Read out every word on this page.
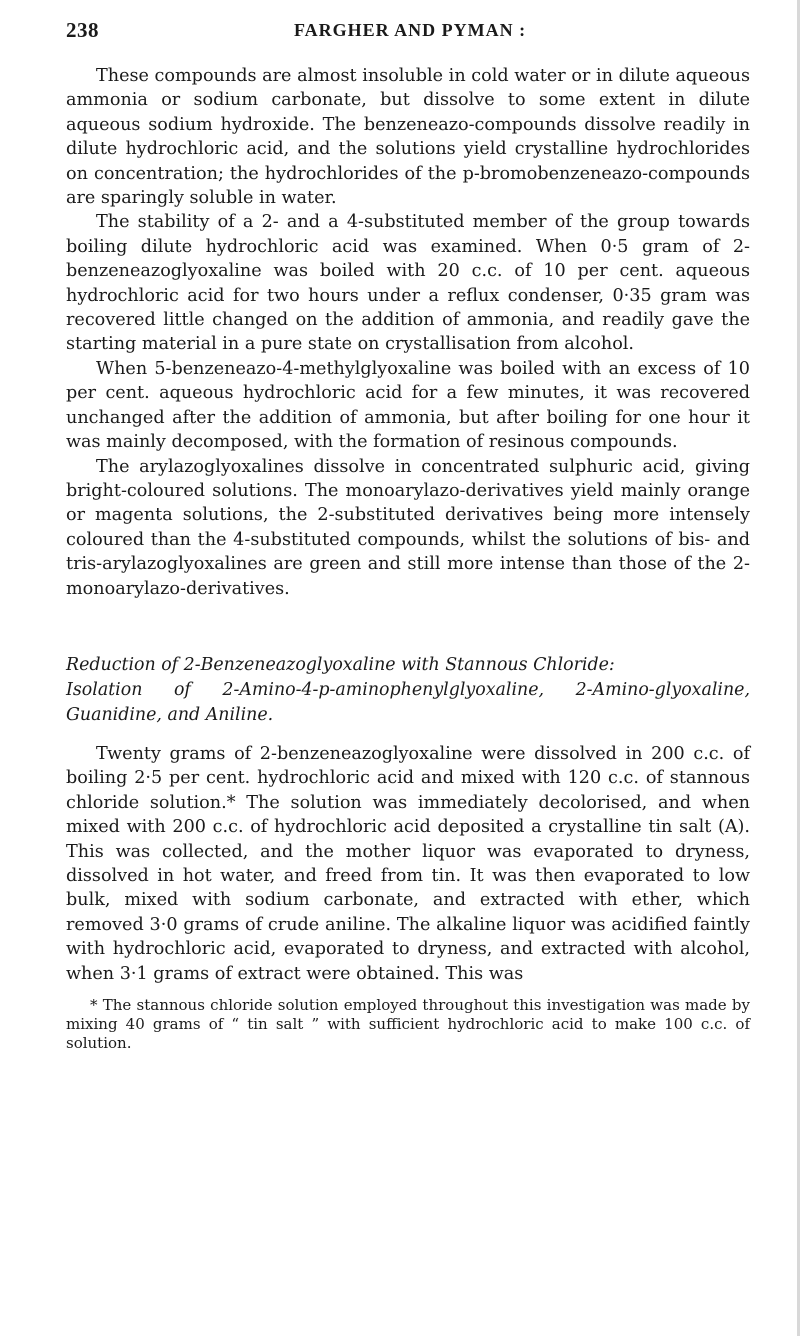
238	FARGHER AND PYMAN :

These compounds are almost insoluble in cold water or in dilute aqueous ammonia or sodium carbonate, but dissolve to some extent in dilute aqueous sodium hydroxide. The benzeneazo-compounds dissolve readily in dilute hydrochloric acid, and the solutions yield crystalline hydrochlorides on concentration; the hydrochlorides of the p-bromobenzeneazo-compounds are sparingly soluble in water.

The stability of a 2- and a 4-substituted member of the group towards boiling dilute hydrochloric acid was examined. When 0·5 gram of 2-benzeneazoglyoxaline was boiled with 20 c.c. of 10 per cent. aqueous hydrochloric acid for two hours under a reflux condenser, 0·35 gram was recovered little changed on the addition of ammonia, and readily gave the starting material in a pure state on crystallisation from alcohol.

When 5-benzeneazo-4-methylglyoxaline was boiled with an excess of 10 per cent. aqueous hydrochloric acid for a few minutes, it was recovered unchanged after the addition of ammonia, but after boiling for one hour it was mainly decomposed, with the formation of resinous compounds.

The arylazoglyoxalines dissolve in concentrated sulphuric acid, giving bright-coloured solutions. The monoarylazo-derivatives yield mainly orange or magenta solutions, the 2-substituted derivatives being more intensely coloured than the 4-substituted compounds, whilst the solutions of bis- and tris-arylazoglyoxalines are green and still more intense than those of the 2-monoarylazo-derivatives.

Reduction of 2-Benzeneazoglyoxaline with Stannous Chloride:
Isolation of 2-Amino-4-p-aminophenylglyoxaline, 2-Amino-glyoxaline, Guanidine, and Aniline.

Twenty grams of 2-benzeneazoglyoxaline were dissolved in 200 c.c. of boiling 2·5 per cent. hydrochloric acid and mixed with 120 c.c. of stannous chloride solution.* The solution was immediately decolorised, and when mixed with 200 c.c. of hydrochloric acid deposited a crystalline tin salt (A). This was collected, and the mother liquor was evaporated to dryness, dissolved in hot water, and freed from tin. It was then evaporated to low bulk, mixed with sodium carbonate, and extracted with ether, which removed 3·0 grams of crude aniline. The alkaline liquor was acidified faintly with hydrochloric acid, evaporated to dryness, and extracted with alcohol, when 3·1 grams of extract were obtained. This was

* The stannous chloride solution employed throughout this investigation was made by mixing 40 grams of “ tin salt ” with sufficient hydrochloric acid to make 100 c.c. of solution.
